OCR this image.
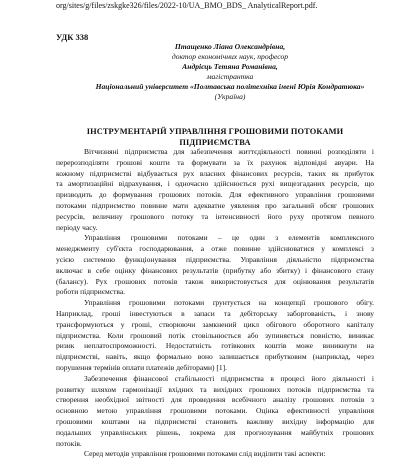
org/sites/g/files/zskgke326/files/2022-10/UA_BMO_BDS_ AnalyticalReport.pdf.
УДК 338
Птащенко Ліана Олександрівна,
доктор економічних наук, професор
Андрієць Тетяна Романівна,
магістрантка
Національний університет «Полтавська політехніка імені Юрія Кондратюка»
(Україна)
ІНСТРУМЕНТАРІЙ УПРАВЛІННЯ ГРОШОВИМИ ПОТОКАМИ
ПІДПРИЄМСТВА
Вітчизняні підприємства для забезпечення життєдіяльності повинні розподіляти і
перерозподіляти грошові кошти та формувати за їх рахунок відповідні авуари. На
кожному підприємстві відбувається рух власних фінансових ресурсів, таких як прибуток
та амортизаційні відрахування, і одночасно здійснюється рухі вищезгаданих ресурсів, що
призводить до формування грошових потоків. Для ефективного управління грошовими
потоками підприємство повинне мати адекватне уявлення про загальний обсяг грошових
ресурсів, величину грошового потоку та інтенсивності його руху протягом певного
періоду часу.
Управління грошовими потоками – це один з елементів комплексного
менеджменту суб'єкта господарювання, а отже повинне здійснюватися у комплексі з
усією системою функціонування підприємства. Управління діяльністю підприємства
включає в себе оцінку фінансових результатів (прибутку або збитку) і фінансового стану
(балансу). Рух грошових потоків також використовується для оцінювання результатів
роботи підприємства.
Управління грошовими потоками ґрунтується на концепції грошового обігу.
Наприклад, гроші інвестуються в запаси та дебіторську заборгованість, і знову
трансформуються у гроші, створюючи замкнений цикл обігового оборотного капіталу
підприємства. Коли грошовий потік стовільнюється або зупиняється повністю, виникає
ризик неплатоспроможності. Недостатність готівкових коштів може виникнути на
підприємстві, навіть, якщо формально воно залишається прибутковим (наприклад, через
порушення термінів оплати платежів дебіторами) [1].
Забезпечення фінансової стабільності підприємства в процесі його діяльності і
розвитку шляхом гармонізації вхідних та вихідних грошових потоків підприємства та
створення необхідної звітності для проведення всебічного аналізу грошових потоків з
основною метою управління грошовими потоками. Оцінка ефективності управління
грошовими коштами на підприємстві становить важливу вихідну інформацію для
подальших управлінських рішень, зокрема для прогнозування майбутніх грошових
потоків.
Серед методів управління грошовими потоками слід виділити такі аспекти:
